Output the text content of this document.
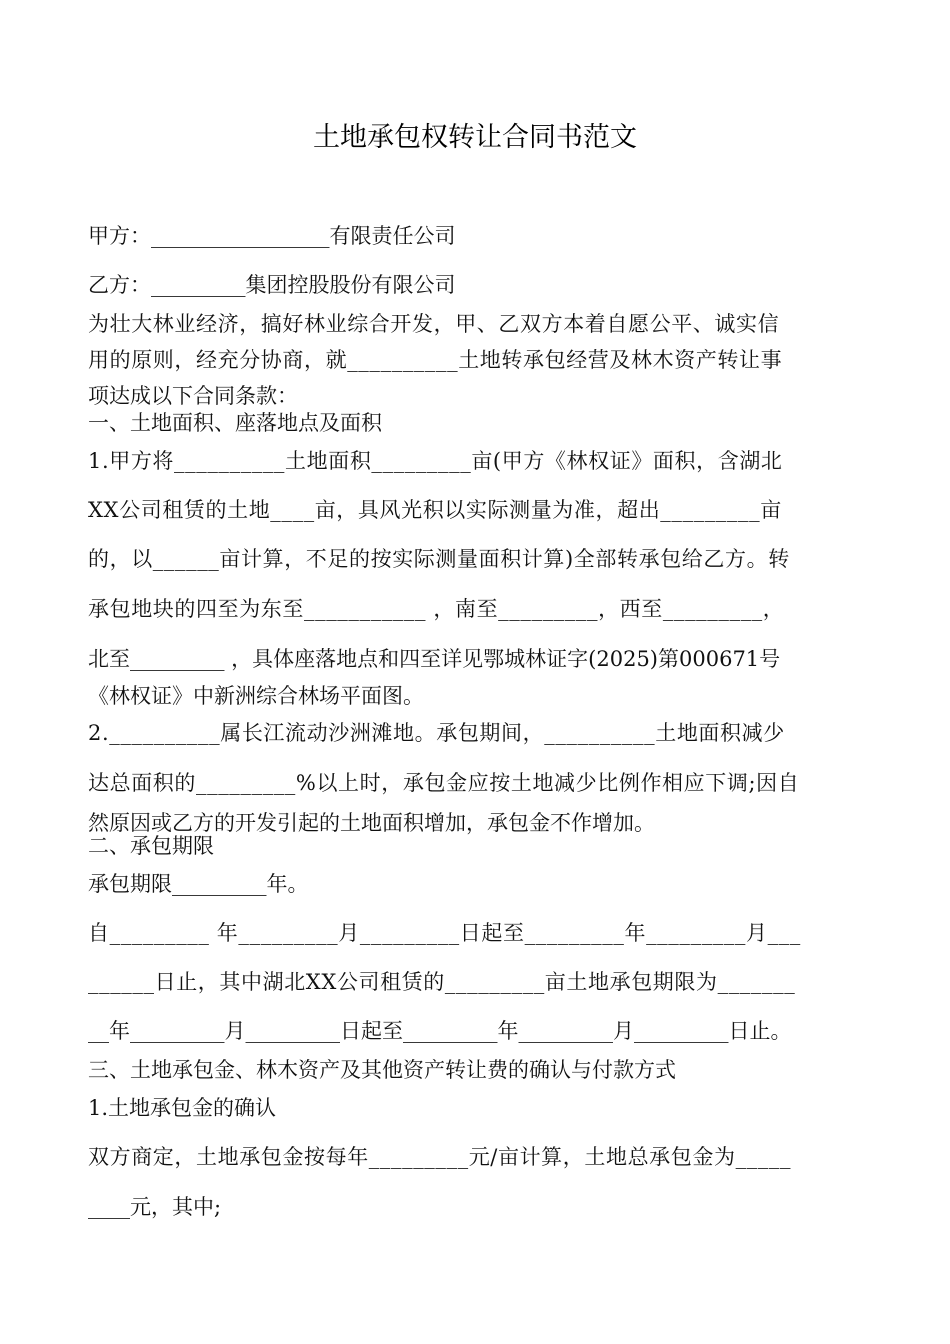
土地承包权转让合同书范文
甲方：_________________有限责任公司
乙方：_________集团控股股份有限公司
为壮大林业经济，搞好林业综合开发，甲、乙双方本着自愿公平、诚实信
用的原则，经充分协商，就__________土地转承包经营及林木资产转让事
项达成以下合同条款：
一、土地面积、座落地点及面积
1.甲方将__________土地面积_________亩(甲方《林权证》面积，含湖北
XX公司租赁的土地____亩，具风光积以实际测量为准，超出_________亩
的，以______亩计算，不足的按实际测量面积计算)全部转承包给乙方。转
承包地块的四至为东至___________ ，南至_________，西至_________，
北至_________ ，具体座落地点和四至详见鄂城林证字(2025)第000671号
《林权证》中新洲综合林场平面图。
2.__________属长江流动沙洲滩地。承包期间，__________土地面积减少
达总面积的_________%以上时，承包金应按土地减少比例作相应下调;因自
然原因或乙方的开发引起的土地面积增加，承包金不作增加。
二、承包期限
承包期限_________年。
自_________ 年_________月_________日起至_________年_________月___
______日止，其中湖北XX公司租赁的_________亩土地承包期限为_______
__年_________月_________日起至_________年_________月_________日止。
三、土地承包金、林木资产及其他资产转让费的确认与付款方式
1.土地承包金的确认
双方商定，土地承包金按每年_________元/亩计算，土地总承包金为_____
____元，其中;
